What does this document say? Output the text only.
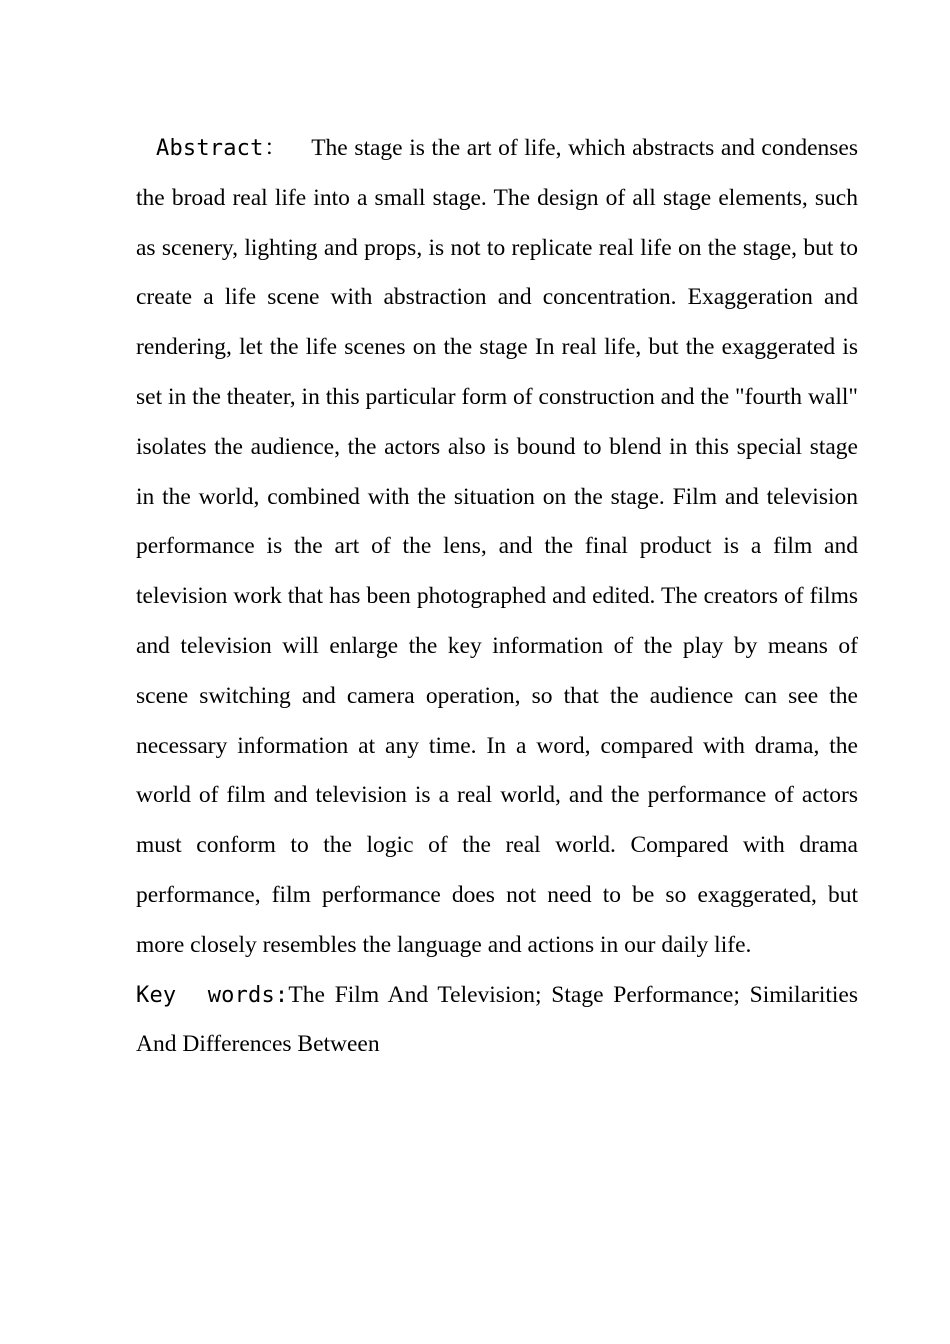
Abstract： The stage is the art of life, which abstracts and condenses the broad real life into a small stage. The design of all stage elements, such as scenery, lighting and props, is not to replicate real life on the stage, but to create a life scene with abstraction and concentration. Exaggeration and rendering, let the life scenes on the stage In real life, but the exaggerated is set in the theater, in this particular form of construction and the "fourth wall" isolates the audience, the actors also is bound to blend in this special stage in the world, combined with the situation on the stage. Film and television performance is the art of the lens, and the final product is a film and television work that has been photographed and edited. The creators of films and television will enlarge the key information of the play by means of scene switching and camera operation, so that the audience can see the necessary information at any time. In a word, compared with drama, the world of film and television is a real world, and the performance of actors must conform to the logic of the real world. Compared with drama performance, film performance does not need to be so exaggerated, but more closely resembles the language and actions in our daily life.

Key words:The Film And Television; Stage Performance; Similarities And Differences Between
